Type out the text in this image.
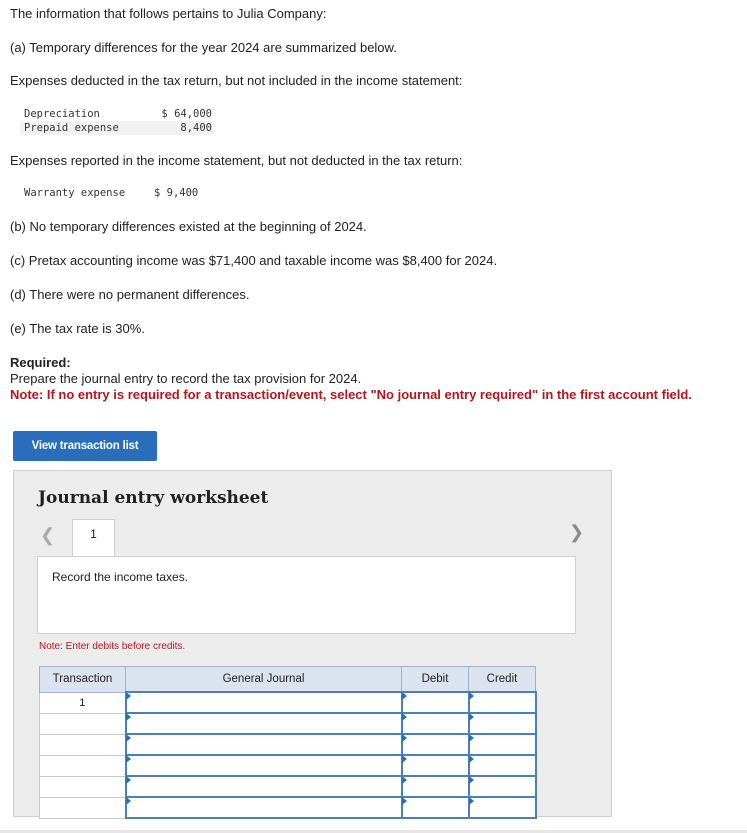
The information that follows pertains to Julia Company:

(a) Temporary differences for the year 2024 are summarized below.

Expenses deducted in the tax return, but not included in the income statement:

Depreciation	$ 64,000
Prepaid expense	8,400

Expenses reported in the income statement, but not deducted in the tax return:

Warranty expense	$ 9,400

(b) No temporary differences existed at the beginning of 2024.

(c) Pretax accounting income was $71,400 and taxable income was $8,400 for 2024.

(d) There were no permanent differences.

(e) The tax rate is 30%.

Required:
Prepare the journal entry to record the tax provision for 2024.
Note: If no entry is required for a transaction/event, select "No journal entry required" in the first account field.
View transaction list
Journal entry worksheet
❮	❯
1
Record the income taxes.
Note: Enter debits before credits.
Transaction	General Journal	Debit	Credit
1			
